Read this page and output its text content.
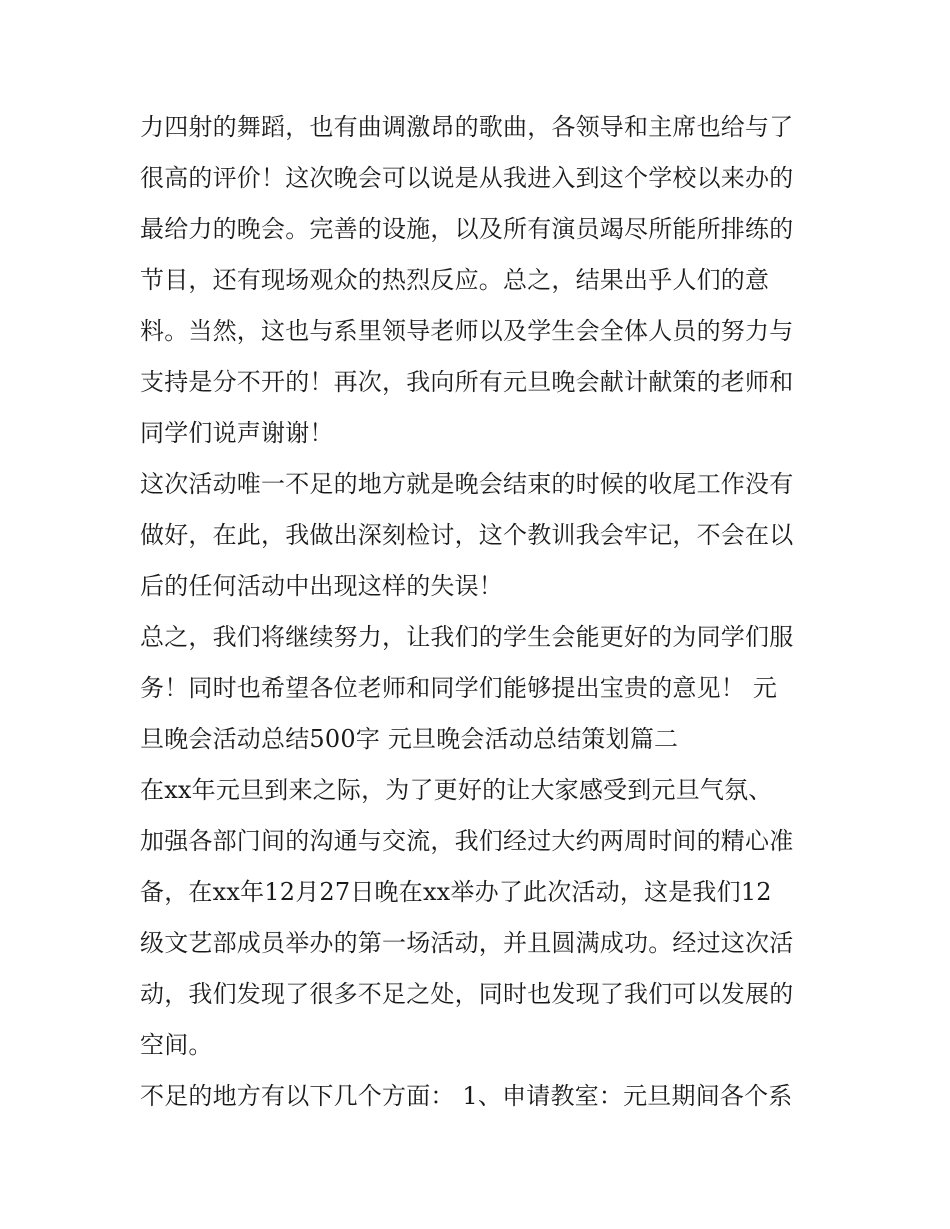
力四射的舞蹈，也有曲调激昂的歌曲，各领导和主席也给与了
很高的评价！这次晚会可以说是从我进入到这个学校以来办的
最给力的晚会。完善的设施，以及所有演员竭尽所能所排练的
节目，还有现场观众的热烈反应。总之，结果出乎人们的意
料。当然，这也与系里领导老师以及学生会全体人员的努力与
支持是分不开的！再次，我向所有元旦晚会献计献策的老师和
同学们说声谢谢！
这次活动唯一不足的地方就是晚会结束的时候的收尾工作没有
做好，在此，我做出深刻检讨，这个教训我会牢记，不会在以
后的任何活动中出现这样的失误！
总之，我们将继续努力，让我们的学生会能更好的为同学们服
务！同时也希望各位老师和同学们能够提出宝贵的意见！ 元
旦晚会活动总结500字 元旦晚会活动总结策划篇二
在xx年元旦到来之际，为了更好的让大家感受到元旦气氛、
加强各部门间的沟通与交流，我们经过大约两周时间的精心准
备，在xx年12月27日晚在xx举办了此次活动，这是我们12
级文艺部成员举办的第一场活动，并且圆满成功。经过这次活
动，我们发现了很多不足之处，同时也发现了我们可以发展的
空间。
不足的地方有以下几个方面： 1、申请教室：元旦期间各个系
